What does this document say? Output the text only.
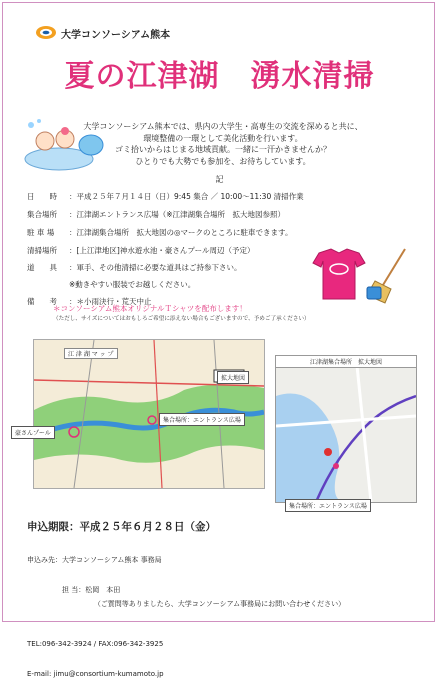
大学コンソーシアム熊本
夏の江津湖　湧水清掃
大学コンソーシアム熊本では、県内の大学生・高専生の交流を深めると共に、
環境整備の一環として美化活動を行います。
ゴミ拾いからはじまる地域貢献。一緒に一汗かきませんか？
ひとりでも大勢でも参加を、お待ちしています。
記
日　　時 ：平成２５年７月１４日（日）9:45 集合 ／ 10:00～11:30 清掃作業
集合場所 ：江津湖エントランス広場（※江津湖集合場所　拡大地図参照）
駐 車 場 ：江津湖集合場所　拡大地図の◎マークのところに駐車できます。
清掃場所 ：[上江津地区]神水遊水池・豪さんプール周辺（予定）
道　　具 ：軍手、その他清掃に必要な道具はご持参下さい。
※動きやすい服装でお越しください。
備　　考 ：＊小雨決行・荒天中止
＊コンソーシアム熊本オリジナルＴシャツを配布します！
（ただし、サイズについてはおもしろご希望に添えない場合もございますので、予めご了承ください）
江 津 湖 マ ッ プ
拡大地図
豪さんプール
集合場所：エントランス広場
江津湖集合場所　拡大地図
集合場所：エントランス広場
申込期限：平成２５年６月２８日（金）

申込み先：大学コンソーシアム熊本 事務局

　　　　　担 当：松岡　本田

TEL:096-342-3924 / FAX:096-342-3925

E-mail: jimu@consortium-kumamoto.jp

（ご質問等ありましたら、大学コンソーシアム事務局にお問い合わせください）
